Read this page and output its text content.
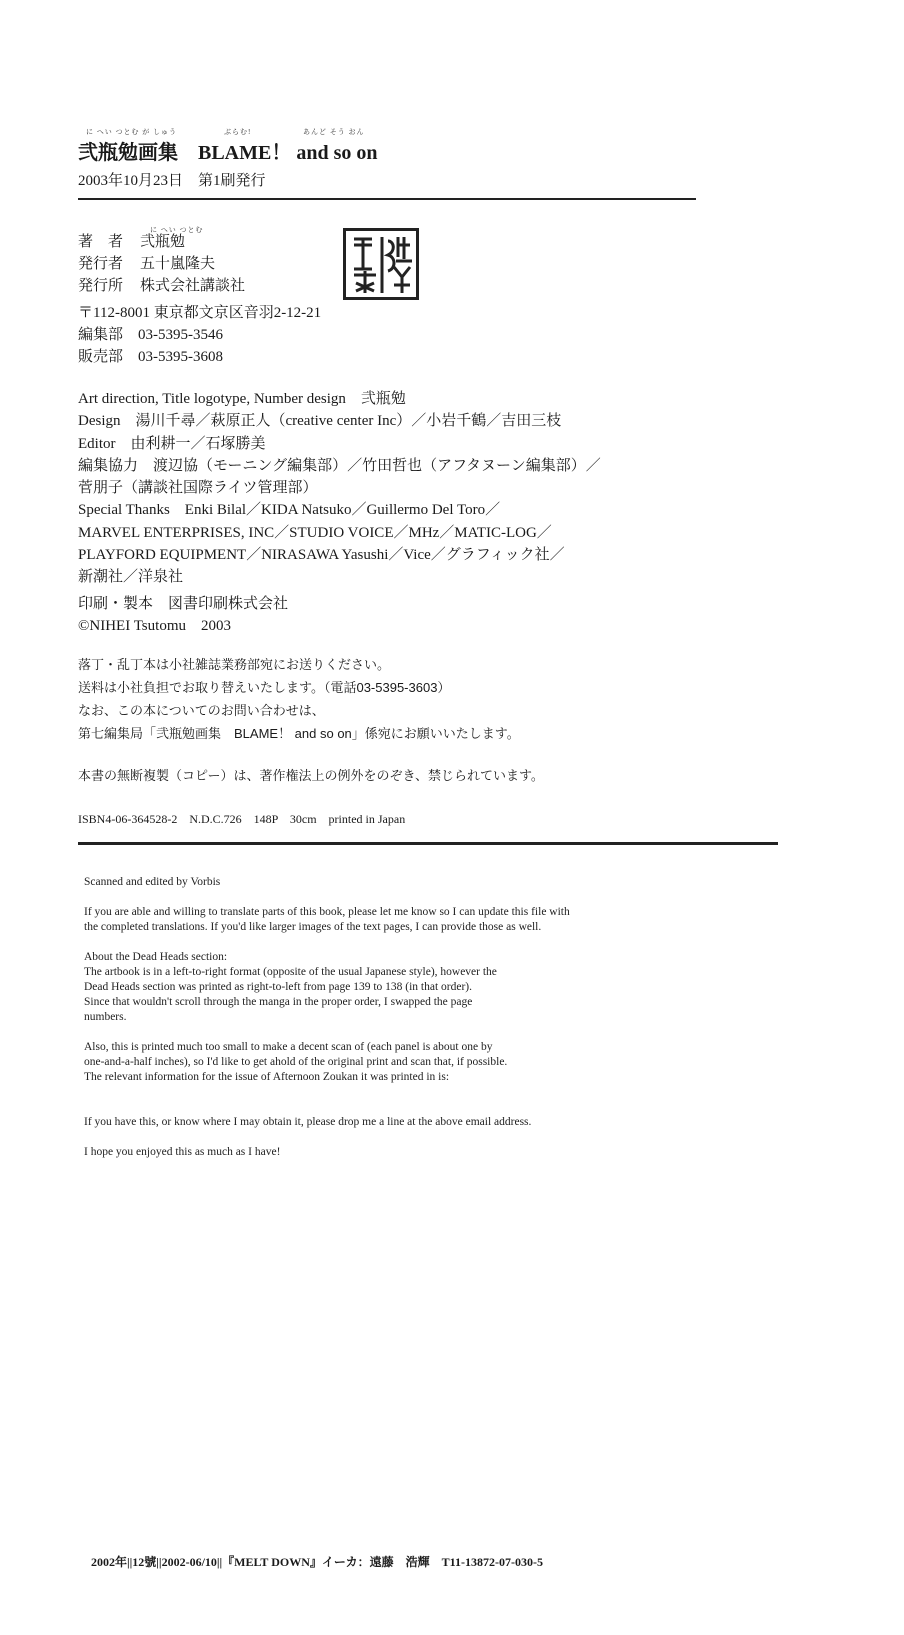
に へい つとむ が しゅう	ぶらむ!	あんど そう おん
弐瓶勉画集　BLAME！ and so on
2003年10月23日　第1刷発行
に へい つとむ
著　者 弐瓶勉
発行者 五十嵐隆夫
発行所 株式会社講談社
〒112-8001 東京都文京区音羽2-12-21
編集部　03-5395-3546
販売部　03-5395-3608
Art direction, Title logotype, Number design　弐瓶勉
Design　湯川千尋／萩原正人（creative center Inc）／小岩千鶴／吉田三枝
Editor　由利耕一／石塚勝美
編集協力　渡辺協（モーニング編集部）／竹田哲也（アフタヌーン編集部）／
菅朋子（講談社国際ライツ管理部）
Special Thanks　Enki Bilal／KIDA Natsuko／Guillermo Del Toro／
MARVEL ENTERPRISES, INC／STUDIO VOICE／MHz／MATIC-LOG／
PLAYFORD EQUIPMENT／NIRASAWA Yasushi／Vice／グラフィック社／
新潮社／洋泉社
印刷・製本　図書印刷株式会社
©NIHEI Tsutomu　2003
落丁・乱丁本は小社雑誌業務部宛にお送りください。
送料は小社負担でお取り替えいたします。（電話03-5395-3603）
なお、この本についてのお問い合わせは、
第七編集局「弐瓶勉画集　BLAME！ and so on」係宛にお願いいたします。
本書の無断複製（コピー）は、著作権法上の例外をのぞき、禁じられています。
ISBN4-06-364528-2　N.D.C.726　148P　30cm　printed in Japan

Scanned and edited by Vorbis

If you are able and willing to translate parts of this book, please let me know so I can update this file with
the completed translations. If you'd like larger images of the text pages, I can provide those as well.

About the Dead Heads section:
The artbook is in a left-to-right format (opposite of the usual Japanese style), however the
Dead Heads section was printed as right-to-left from page 139 to 138 (in that order).
Since that wouldn't scroll through the manga in the proper order, I swapped the page
numbers.

Also, this is printed much too small to make a decent scan of (each panel is about one by
one-and-a-half inches), so I'd like to get ahold of the original print and scan that, if possible.
The relevant information for the issue of Afternoon Zoukan it was printed in is:

If you have this, or know where I may obtain it, please drop me a line at the above email address.

I hope you enjoyed this as much as I have!

2002年||12號||2002-06/10||『MELT DOWN』イーカ：遠藤　浩輝　T11-13872-07-030-5
